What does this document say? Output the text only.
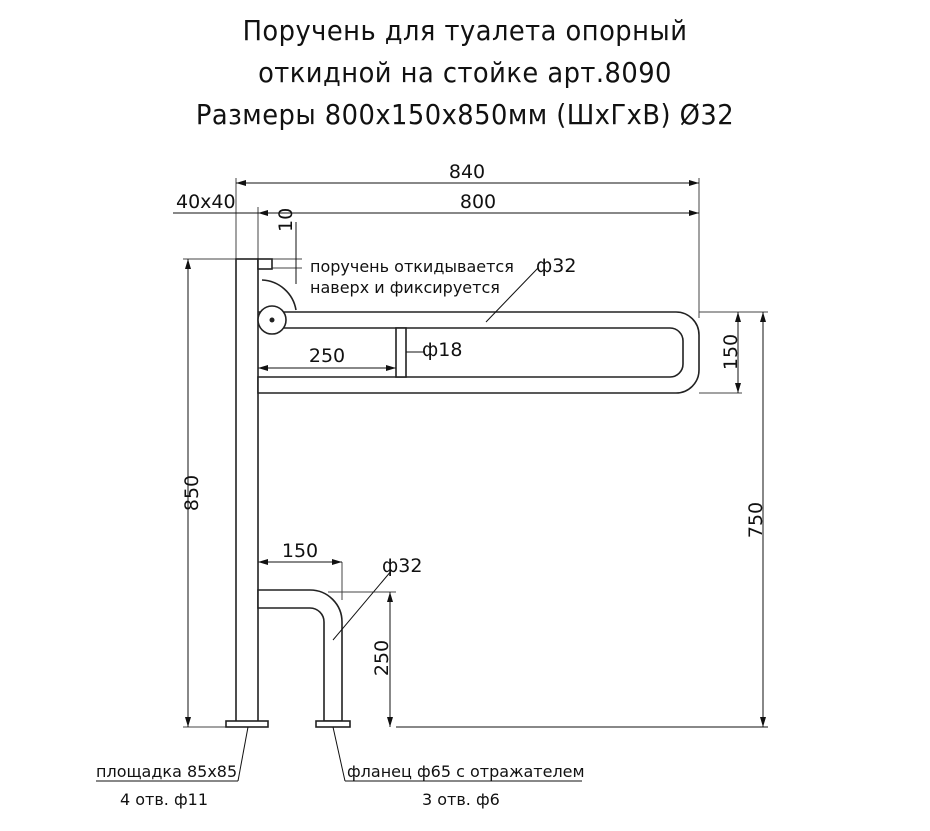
Поручень для туалета опорный
откидной на стойке арт.8090
Размеры 800x150x850мм (ШxГxВ) Ø32
840
800
40x40
10
850
150
750
250
150
250
поручень откидывается
наверх и фиксируется
ф32
ф18
ф32
площадка 85x85
4 отв. ф11
фланец ф65 с отражателем
3 отв. ф6
